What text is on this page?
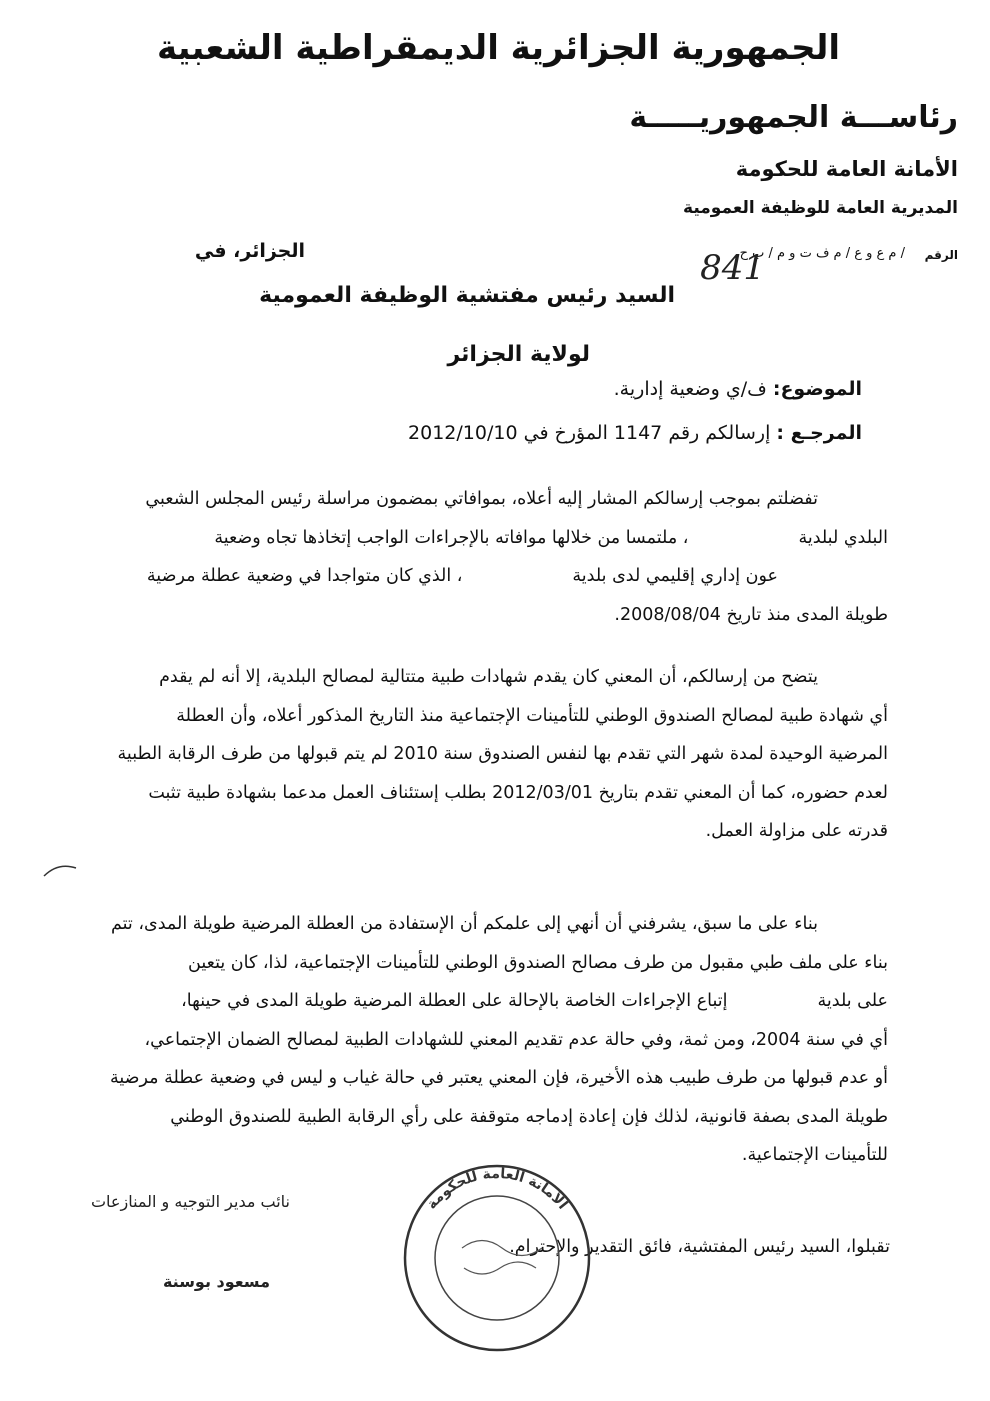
الجمهورية الجزائرية الديمقراطية الشعبية
رئاســـة الجمهوريـــــة
الأمانة العامة للحكومة
المديرية العامة للوظيفة العمومية
الرقم
/ م ع و ع / م ف ت و م / ب ح
841
الجزائر، في
السيد رئيس مفتشية الوظيفة العمومية
لولاية الجزائر
الموضوع: ف/ي وضعية إدارية.
المرجـع : إرسالكم رقم 1147 المؤرخ في 2012/10/10
تفضلتم بموجب إرسالكم المشار إليه أعلاه، بموافاتي بمضمون مراسلة رئيس المجلس الشعبي
البلدي لبلدية، ملتمسا من خلالها موافاته بالإجراءات الواجب إتخاذها تجاه وضعية
عون إداري إقليمي لدى بلدية، الذي كان متواجدا في وضعية عطلة مرضية
طويلة المدى منذ تاريخ 2008/08/04.
يتضح من إرسالكم، أن المعني كان يقدم شهادات طبية متتالية لمصالح البلدية، إلا أنه لم يقدم
أي شهادة طبية لمصالح الصندوق الوطني للتأمينات الإجتماعية منذ التاريخ المذكور أعلاه، وأن العطلة
المرضية الوحيدة لمدة شهر التي تقدم بها لنفس الصندوق سنة 2010 لم يتم قبولها من طرف الرقابة الطبية
لعدم حضوره، كما أن المعني تقدم بتاريخ 2012/03/01 بطلب إستئناف العمل مدعما بشهادة طبية تثبت
قدرته على مزاولة العمل.
بناء على ما سبق، يشرفني أن أنهي إلى علمكم أن الإستفادة من العطلة المرضية طويلة المدى، تتم
بناء على ملف طبي مقبول من طرف مصالح الصندوق الوطني للتأمينات الإجتماعية، لذا، كان يتعين
على بلديةإتباع الإجراءات الخاصة بالإحالة على العطلة المرضية طويلة المدى في حينها،
أي في سنة 2004، ومن ثمة، وفي حالة عدم تقديم المعني للشهادات الطبية لمصالح الضمان الإجتماعي،
أو عدم قبولها من طرف طبيب هذه الأخيرة، فإن المعني يعتبر في حالة غياب و ليس في وضعية عطلة مرضية
طويلة المدى بصفة قانونية، لذلك فإن إعادة إدماجه متوقفة على رأي الرقابة الطبية للصندوق الوطني
للتأمينات الإجتماعية.
تقبلوا، السيد رئيس المفتشية، فائق التقدير والإحترام.
نائب مدير التوجيه و المنازعات
مسعود بوسنة
الأمانة العامة للحكومة
